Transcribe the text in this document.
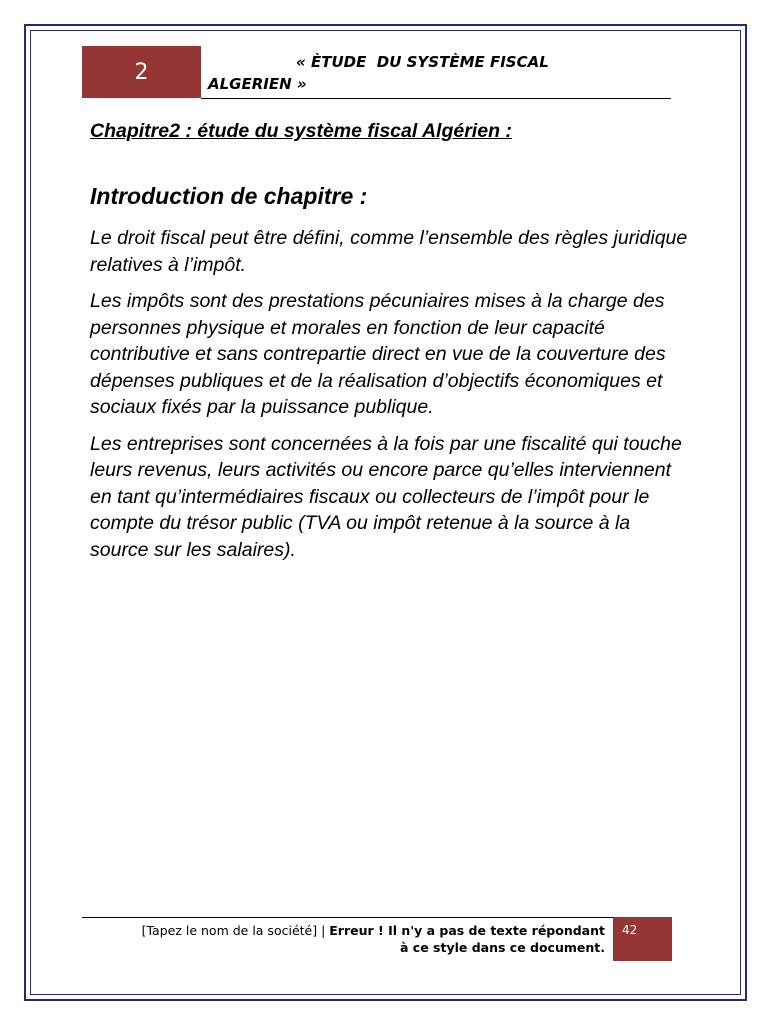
2	« ÈTUDE  DU SYSTÈME FISCAL
ALGERIEN »
Chapitre2 : étude du système fiscal Algérien :
Introduction de chapitre :

Le droit fiscal peut être défini, comme l’ensemble des règles juridique relatives à l’impôt.

Les impôts sont des prestations pécuniaires mises à la charge des personnes physique et morales en fonction de leur capacité contributive et sans contrepartie direct en vue de la couverture des dépenses publiques et de la réalisation d’objectifs économiques et sociaux fixés par la puissance publique.

Les entreprises sont concernées à la fois par une fiscalité qui touche leurs revenus, leurs activités ou encore parce qu’elles interviennent en tant qu’intermédiaires fiscaux ou collecteurs de l’impôt pour le compte du trésor public (TVA ou impôt retenue à la source à la source sur les salaires).

[Tapez le nom de la société] | Erreur ! Il n'y a pas de texte répondant à ce style dans ce document.
42
